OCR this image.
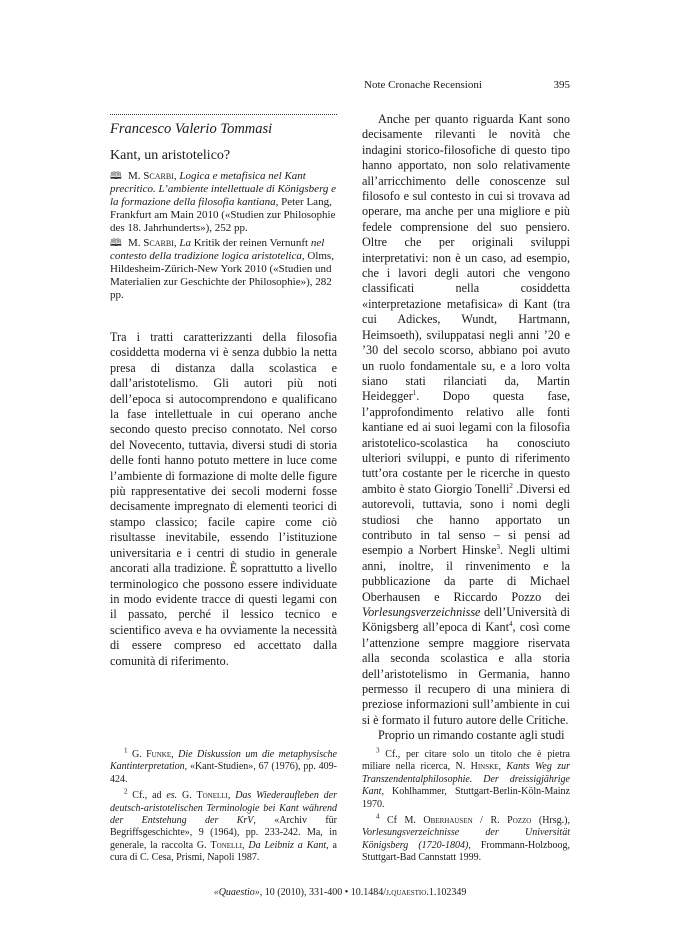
Note Cronache Recensioni	395
Francesco Valerio Tommasi
Kant, un aristotelico?
🕮 M. Scarbi, Logica e metafisica nel Kant precritico. L’ambiente intellettuale di Königsberg e la formazione della filosofia kantiana, Peter Lang, Frankfurt am Main 2010 («Studien zur Philosophie des 18. Jahrhunderts»), 252 pp.
🕮 M. Scarbi, La Kritik der reinen Vernunft nel contesto della tradizione logica aristotelica, Olms, Hildesheim-Zürich-New York 2010 («Studien und Materialien zur Geschichte der Philosophie»), 282 pp.

Tra i tratti caratterizzanti della filosofia cosiddetta moderna vi è senza dubbio la netta presa di distanza dalla scolastica e dall’aristotelismo. Gli autori più noti dell’epoca si autocomprendono e qualificano la fase intellettuale in cui operano anche secondo questo preciso connotato. Nel corso del Novecento, tuttavia, diversi studi di storia delle fonti hanno potuto mettere in luce come l’ambiente di formazione di molte delle figure più rappresentative dei secoli moderni fosse decisamente impregnato di elementi teorici di stampo classico; facile capire come ciò risultasse inevitabile, essendo l’istituzione universitaria e i centri di studio in generale ancorati alla tradizione. È soprattutto a livello terminologico che possono essere individuate in modo evidente tracce di questi legami con il passato, perché il lessico tecnico e scientifico aveva e ha ovviamente la necessità di essere compreso ed accettato dalla comunità di riferimento.

Anche per quanto riguarda Kant sono decisamente rilevanti le novità che indagini storico-filosofiche di questo tipo hanno apportato, non solo relativamente all’arricchimento delle conoscenze sul filosofo e sul contesto in cui si trovava ad operare, ma anche per una migliore e più fedele comprensione del suo pensiero. Oltre che per originali sviluppi interpretativi: non è un caso, ad esempio, che i lavori degli autori che vengono classificati nella cosiddetta «interpretazione metafisica» di Kant (tra cui Adickes, Wundt, Hartmann, Heimsoeth), sviluppatasi negli anni ’20 e ’30 del secolo scorso, abbiano poi avuto un ruolo fondamentale su, e a loro volta siano stati rilanciati da, Martin Heidegger$^1$. Dopo questa fase, l’approfondimento relativo alle fonti kantiane ed ai suoi legami con la filosofia aristotelico-scolastica ha conosciuto ulteriori sviluppi, e punto di riferimento tutt’ora costante per le ricerche in questo ambito è stato Giorgio Tonelli$^2$ .Diversi ed autorevoli, tuttavia, sono i nomi degli studiosi che hanno apportato un contributo in tal senso – si pensi ad esempio a Norbert Hinske$^3$. Negli ultimi anni, inoltre, il rinvenimento e la pubblicazione da parte di Michael Oberhausen e Riccardo Pozzo dei Vorlesungsverzeichnisse dell’Università di Königsberg all’epoca di Kant$^4$, così come l’attenzione sempre maggiore riservata alla seconda scolastica e alla storia dell’aristotelismo in Germania, hanno permesso il recupero di una miniera di preziose informazioni sull’ambiente in cui si è formato il futuro autore delle Critiche.

Proprio un rimando costante agli studi

$^1$ G. Funke, Die Diskussion um die metaphysische Kantinterpretation, «Kant-Studien», 67 (1976), pp. 409-424.

$^2$ Cf., ad es. G. Tonelli, Das Wiederaufleben der deutsch-aristotelischen Terminologie bei Kant während der Entstehung der KrV, «Archiv für Begriffsgeschichte», 9 (1964), pp. 233-242. Ma, in generale, la raccolta G. Tonelli, Da Leibniz a Kant, a cura di C. Cesa, Prismi, Napoli 1987.

$^3$ Cf., per citare solo un titolo che è pietra miliare nella ricerca, N. Hinske, Kants Weg zur Transzendentalphilosophie. Der dreissigjährige Kant, Kohlhammer, Stuttgart-Berlin-Köln-Mainz 1970.

$^4$ Cf M. Oberhausen / R. Pozzo (Hrsg.), Vorlesungsverzeichnisse der Universität Königsberg (1720-1804), Frommann-Holzboog, Stuttgart-Bad Cannstatt 1999.

«Quaestio», 10 (2010), 331-400 • 10.1484/j.quaestio.1.102349
